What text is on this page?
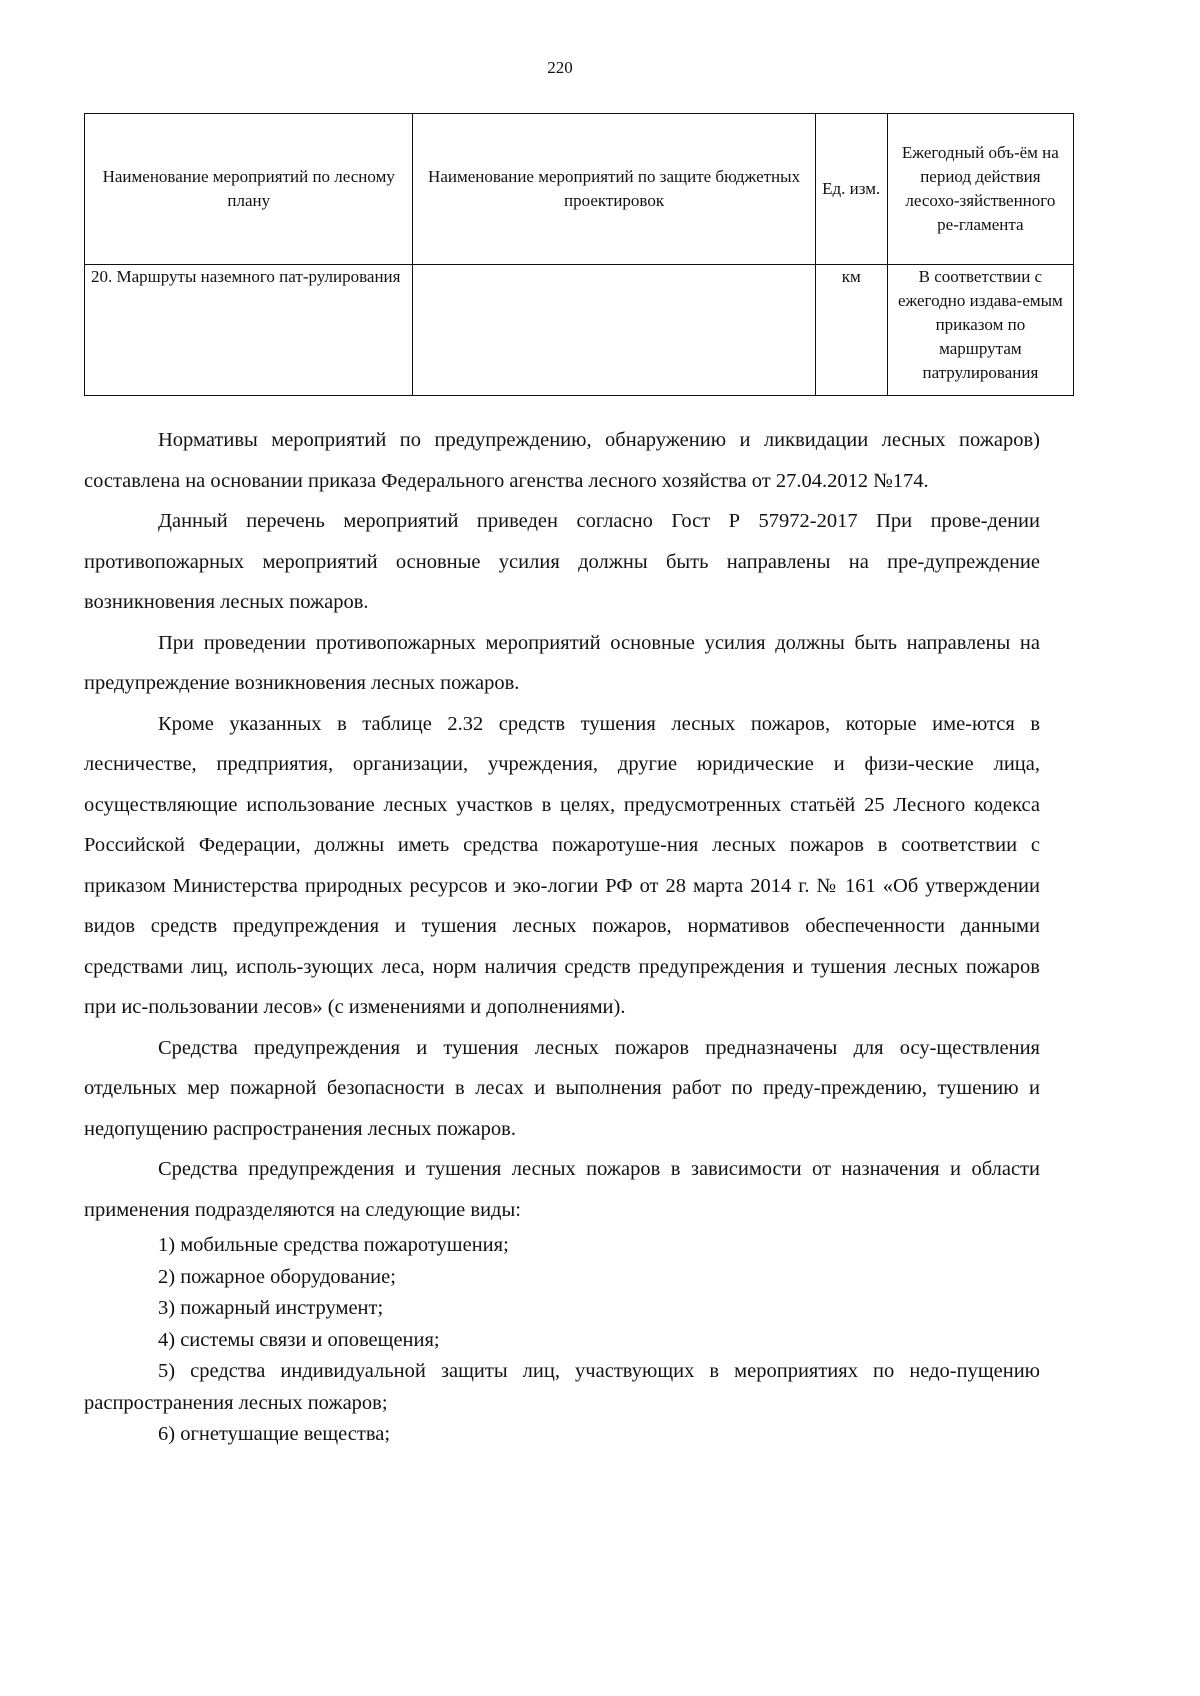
220
Наименование мероприятий по лесному плану	Наименование мероприятий по защите бюджетных проектировок	Ед. изм.	Ежегодный объ-ём на период действия лесохо-зяйственного ре-гламента
20. Маршруты наземного пат-рулирования		км	В соответствии с ежегодно издава-емым приказом по маршрутам патрулирования

Нормативы мероприятий по предупреждению, обнаружению и ликвидации лесных пожаров) составлена на основании приказа Федерального агенства лесного хозяйства от 27.04.2012 №174.

Данный перечень мероприятий приведен согласно Гост Р 57972-2017 При прове-дении противопожарных мероприятий основные усилия должны быть направлены на пре-дупреждение возникновения лесных пожаров.

При проведении противопожарных мероприятий основные усилия должны быть направлены на предупреждение возникновения лесных пожаров.

Кроме указанных в таблице 2.32 средств тушения лесных пожаров, которые име-ются в лесничестве, предприятия, организации, учреждения, другие юридические и физи-ческие лица, осуществляющие использование лесных участков в целях, предусмотренных статьёй 25 Лесного кодекса Российской Федерации, должны иметь средства пожаротуше-ния лесных пожаров в соответствии с приказом Министерства природных ресурсов и эко-логии РФ от 28 марта 2014 г. № 161 «Об утверждении видов средств предупреждения и тушения лесных пожаров, нормативов обеспеченности данными средствами лиц, исполь-зующих леса, норм наличия средств предупреждения и тушения лесных пожаров при ис-пользовании лесов» (с изменениями и дополнениями).

Средства предупреждения и тушения лесных пожаров предназначены для осу-ществления отдельных мер пожарной безопасности в лесах и выполнения работ по преду-преждению, тушению и недопущению распространения лесных пожаров.

Средства предупреждения и тушения лесных пожаров в зависимости от назначения и области применения подразделяются на следующие виды:

1) мобильные средства пожаротушения;
2) пожарное оборудование;
3) пожарный инструмент;
4) системы связи и оповещения;
5) средства индивидуальной защиты лиц, участвующих в мероприятиях по недо-пущению распространения лесных пожаров;
6) огнетушащие вещества;
